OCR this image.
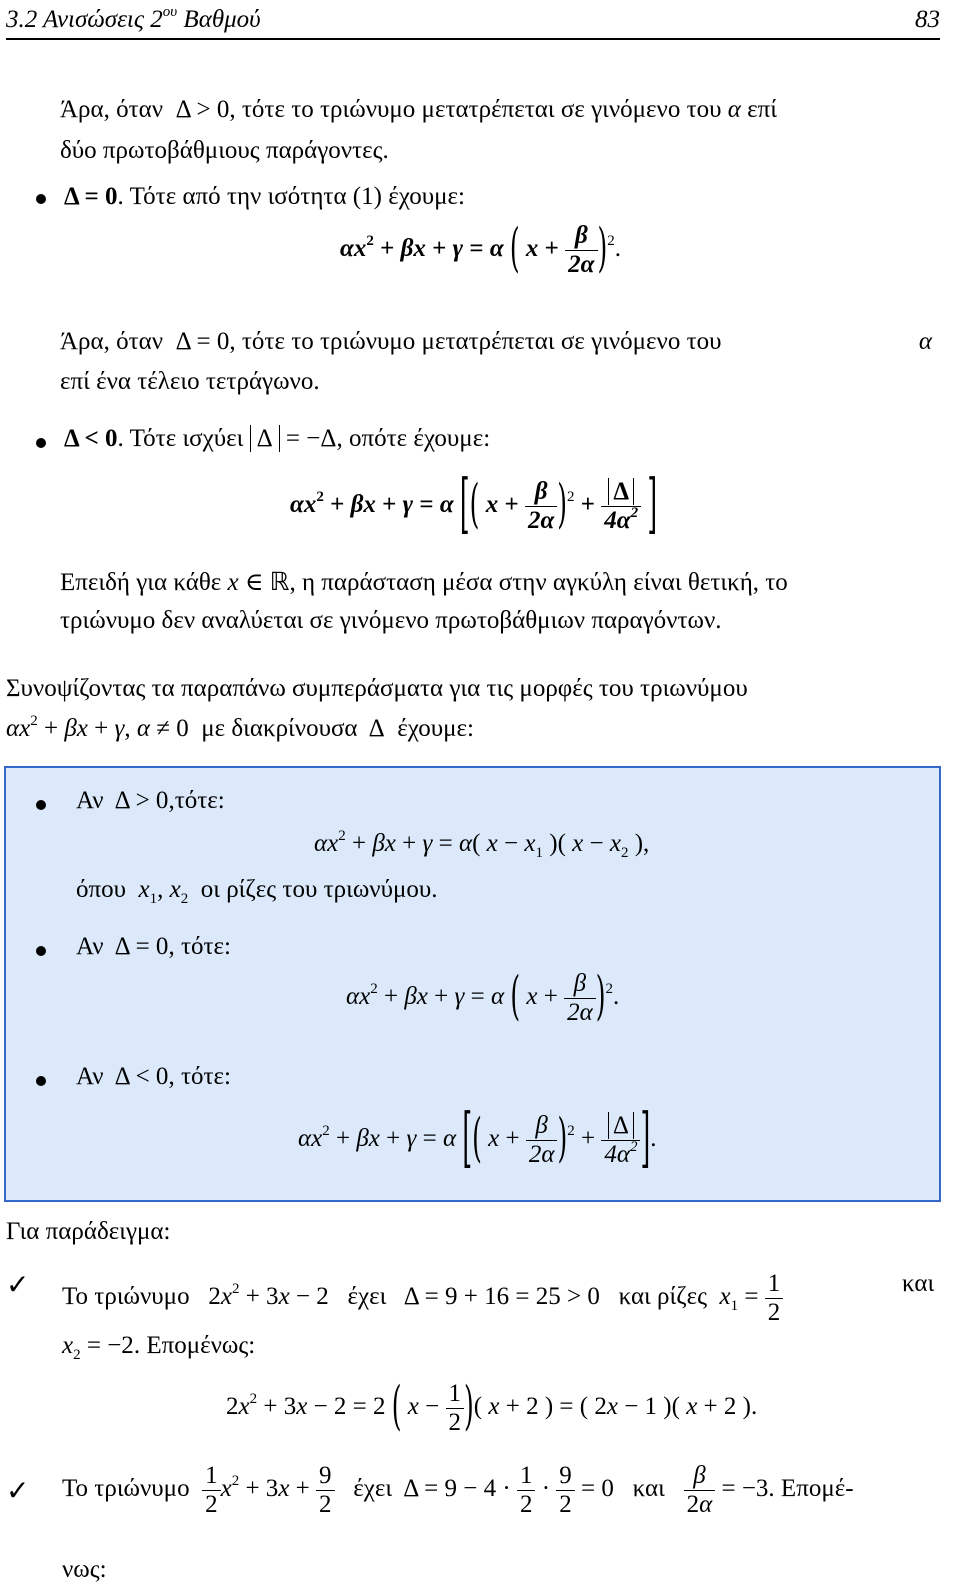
3.2 Ανισώσεις $2^{o\upsilon}$ Βαθμού	83
Άρα, όταν  Δ > 0, τότε το τριώνυμο μετατρέπεται σε γινόμενο του α επί
δύο πρωτοβάθμιους παράγοντες.
Δ = 0. Τότε από την ισότητα (1) έχουμε:
$\alpha x^2 + \beta x + \gamma = \alpha$ ( $x + \frac{\beta}{2\alpha} )^2$.
Άρα, όταν  Δ = 0, τότε το τριώνυμο μετατρέπεται σε γινόμενο του	α
επί ένα τέλειο τετράγωνο.
Δ < 0. Τότε ισχύει Δ = −Δ, οπότε έχουμε:
$\alpha x^2 + \beta x + \gamma = \alpha$ [( $x + \frac{\beta}{2\alpha} )^2 + \frac{\Delta}{4\alpha^2}$ ]
Επειδή για κάθε x ∈ ℝ, η παράσταση μέσα στην αγκύλη είναι θετική, το
τριώνυμο δεν αναλύεται σε γινόμενο πρωτοβάθμιων παραγόντων.
Συνοψίζοντας τα παραπάνω συμπεράσματα για τις μορφές του τριωνύμου
$\alpha x^2 + \beta x + \gamma$, α ≠ 0 με διακρίνουσα Δ έχουμε:
Αν Δ > 0,τότε:
$\alpha x^2 + \beta x + \gamma = \alpha$( $x - x_1$ )( $x - x_2$ ),
όπου $x_1$, $x_2$ οι ρίζες του τριωνύμου.
Αν Δ = 0, τότε:
$\alpha x^2 + \beta x + \gamma = \alpha$ ( $x + \frac{\beta}{2\alpha} )^2$.
Αν Δ < 0, τότε:
$\alpha x^2 + \beta x + \gamma = \alpha$ [( $x + \frac{\beta}{2\alpha} )^2 + \frac{\Delta}{4\alpha^2}$ ].
Για παράδειγμα:
✓ Το τριώνυμο $2x^2 + 3x - 2$ έχει Δ = 9 + 16 = 25 > 0 και ρίζες $x_1 = \frac{1}{2}$	και
$x_2 = -2$. Επομένως:
$2x^2 + 3x - 2 = 2$ ( $x - \frac{1}{2}$ )( x + 2 ) = ( 2x − 1 )( x + 2 ).
✓ Το τριώνυμο $\frac{1}{2} x^2 + 3x + \frac{9}{2}$ έχει $\Delta = 9 - 4 \cdot \frac{1}{2} \cdot \frac{9}{2} = 0$ και $\frac{\beta}{2\alpha} = -3$. Επομέ-
νως:
